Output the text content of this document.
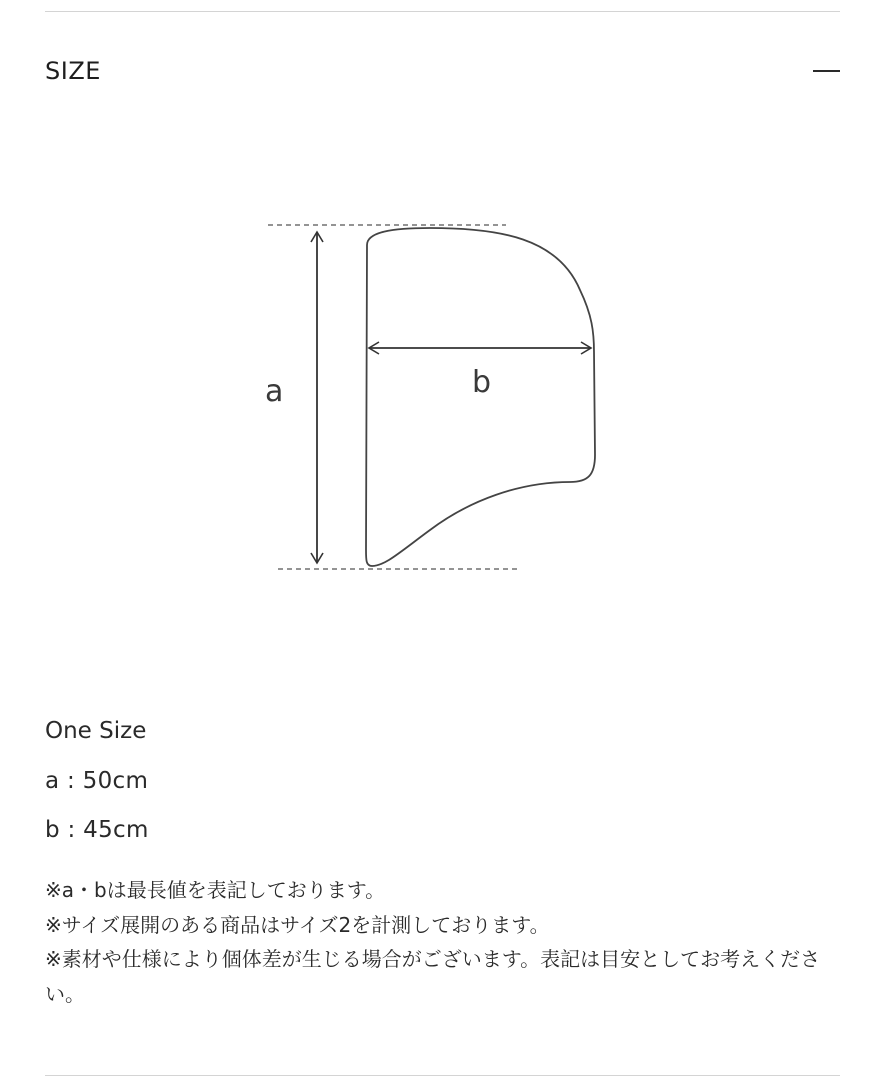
SIZE
a	b
One Size
a : 50cm
b : 45cm
※a・bは最長値を表記しております。
※サイズ展開のある商品はサイズ2を計測しております。
※素材や仕様により個体差が生じる場合がございます。表記は目安としてお考えください。
